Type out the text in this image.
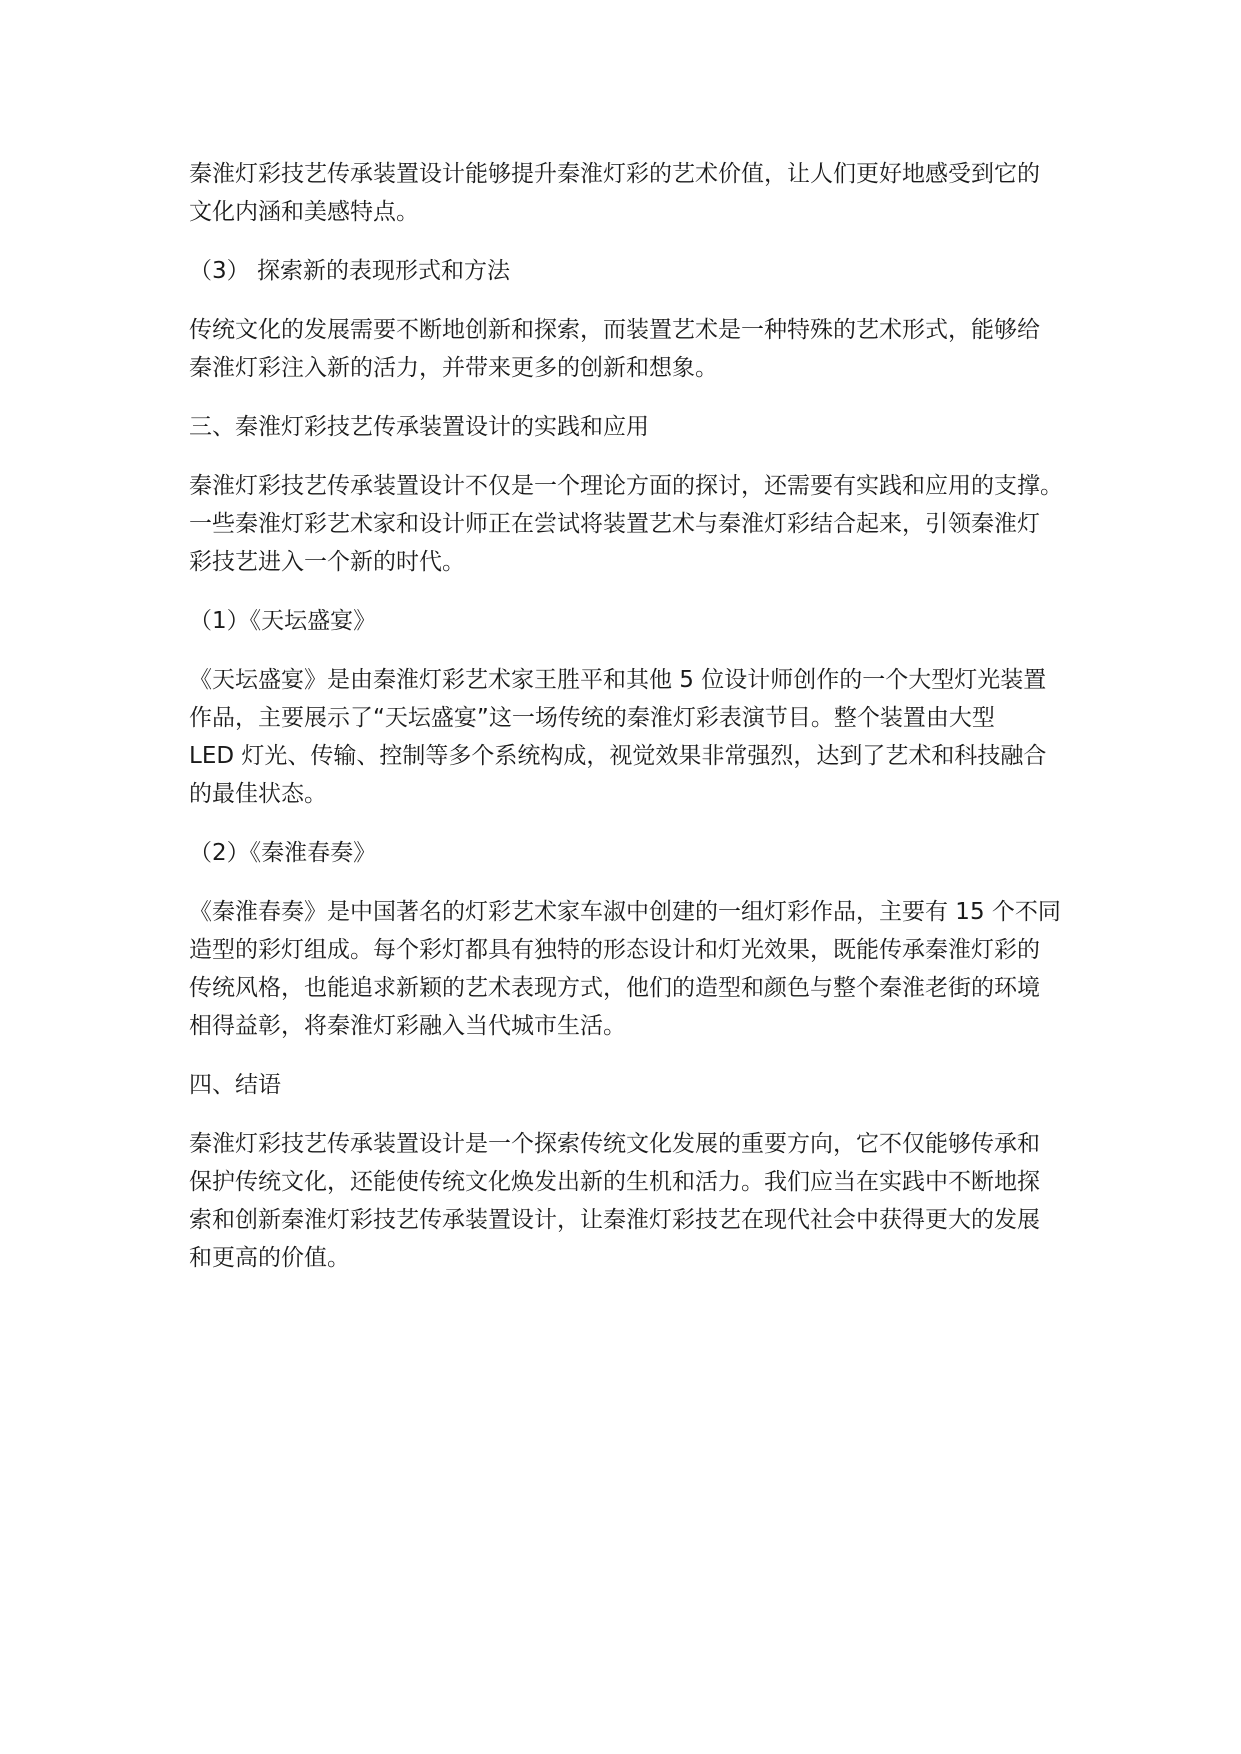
秦淮灯彩技艺传承装置设计能够提升秦淮灯彩的艺术价值，让人们更好地感受到它的
文化内涵和美感特点。

（3） 探索新的表现形式和方法

传统文化的发展需要不断地创新和探索，而装置艺术是一种特殊的艺术形式，能够给
秦淮灯彩注入新的活力，并带来更多的创新和想象。

三、秦淮灯彩技艺传承装置设计的实践和应用

秦淮灯彩技艺传承装置设计不仅是一个理论方面的探讨，还需要有实践和应用的支撑。
一些秦淮灯彩艺术家和设计师正在尝试将装置艺术与秦淮灯彩结合起来，引领秦淮灯
彩技艺进入一个新的时代。

（1）《天坛盛宴》

《天坛盛宴》是由秦淮灯彩艺术家王胜平和其他 5 位设计师创作的一个大型灯光装置
作品，主要展示了“天坛盛宴”这一场传统的秦淮灯彩表演节目。整个装置由大型
LED 灯光、传输、控制等多个系统构成，视觉效果非常强烈，达到了艺术和科技融合
的最佳状态。

（2）《秦淮春奏》

《秦淮春奏》是中国著名的灯彩艺术家车淑中创建的一组灯彩作品，主要有 15 个不同
造型的彩灯组成。每个彩灯都具有独特的形态设计和灯光效果，既能传承秦淮灯彩的
传统风格，也能追求新颖的艺术表现方式，他们的造型和颜色与整个秦淮老街的环境
相得益彰，将秦淮灯彩融入当代城市生活。

四、结语

秦淮灯彩技艺传承装置设计是一个探索传统文化发展的重要方向，它不仅能够传承和
保护传统文化，还能使传统文化焕发出新的生机和活力。我们应当在实践中不断地探
索和创新秦淮灯彩技艺传承装置设计，让秦淮灯彩技艺在现代社会中获得更大的发展
和更高的价值。
